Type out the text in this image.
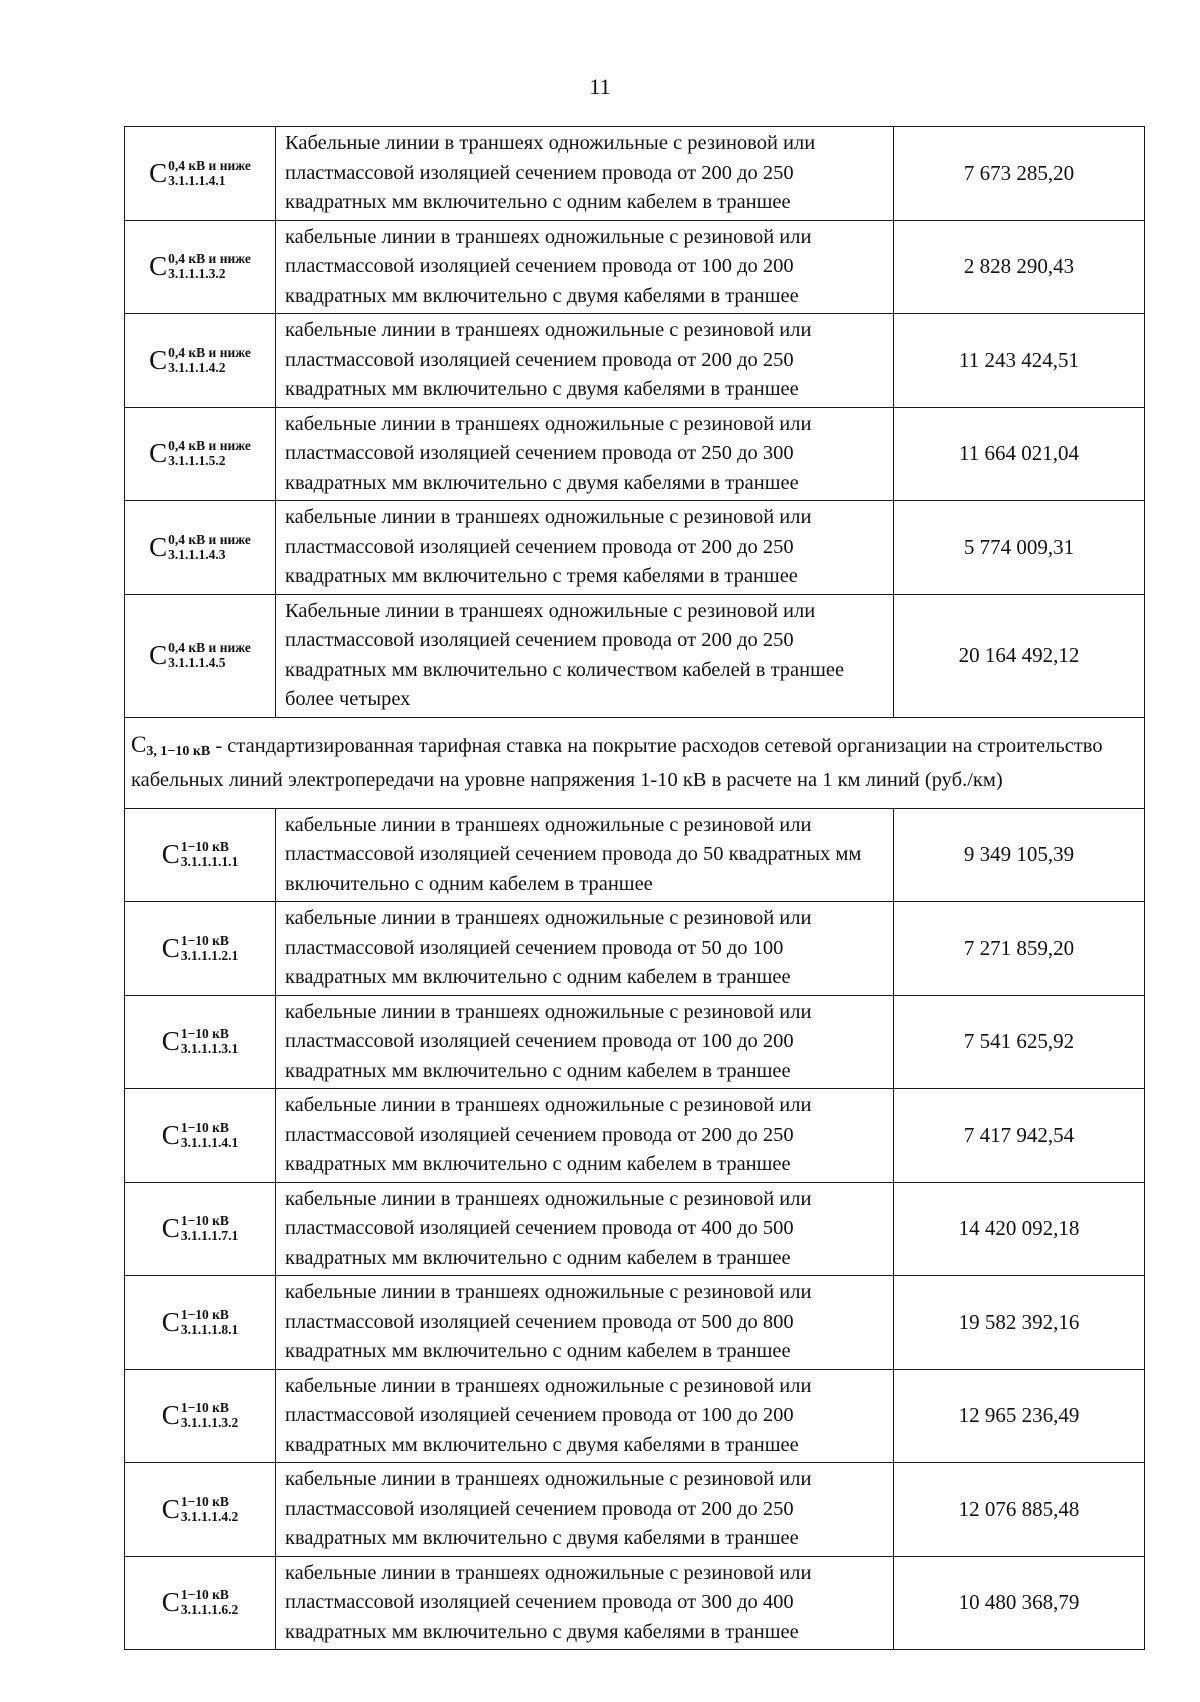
11
С 0,4 кВ и ниже
3.1.1.1.4.1	Кабельные линии в траншеях одножильные с резиновой или пластмассовой изоляцией сечением провода от 200 до 250 квадратных мм включительно с одним кабелем в траншее	7 673 285,20

С 0,4 кВ и ниже
3.1.1.1.3.2	кабельные линии в траншеях одножильные с резиновой или пластмассовой изоляцией сечением провода от 100 до 200 квадратных мм включительно с двумя кабелями в траншее	2 828 290,43

С 0,4 кВ и ниже
3.1.1.1.4.2	кабельные линии в траншеях одножильные с резиновой или пластмассовой изоляцией сечением провода от 200 до 250 квадратных мм включительно с двумя кабелями в траншее	11 243 424,51

С 0,4 кВ и ниже
3.1.1.1.5.2	кабельные линии в траншеях одножильные с резиновой или пластмассовой изоляцией сечением провода от 250 до 300 квадратных мм включительно с двумя кабелями в траншее	11 664 021,04

С 0,4 кВ и ниже
3.1.1.1.4.3	кабельные линии в траншеях одножильные с резиновой или пластмассовой изоляцией сечением провода от 200 до 250 квадратных мм включительно с тремя кабелями в траншее	5 774 009,31

С 0,4 кВ и ниже
3.1.1.1.4.5	Кабельные линии в траншеях одножильные с резиновой или пластмассовой изоляцией сечением провода от 200 до 250 квадратных мм включительно с количеством кабелей в траншее более четырех	20 164 492,12
$С_{3, 1-10 кВ}$ - стандартизированная тарифная ставка на покрытие расходов сетевой организации на строительство кабельных линий электропередачи на уровне напряжения 1-10 кВ в расчете на 1 км линий (руб./км)		

С 1−10 кВ
3.1.1.1.1.1	кабельные линии в траншеях одножильные с резиновой или пластмассовой изоляцией сечением провода до 50 квадратных мм включительно с одним кабелем в траншее	9 349 105,39

С 1−10 кВ
3.1.1.1.2.1	кабельные линии в траншеях одножильные с резиновой или пластмассовой изоляцией сечением провода от 50 до 100 квадратных мм включительно с одним кабелем в траншее	7 271 859,20

С 1−10 кВ
3.1.1.1.3.1	кабельные линии в траншеях одножильные с резиновой или пластмассовой изоляцией сечением провода от 100 до 200 квадратных мм включительно с одним кабелем в траншее	7 541 625,92

С 1−10 кВ
3.1.1.1.4.1	кабельные линии в траншеях одножильные с резиновой или пластмассовой изоляцией сечением провода от 200 до 250 квадратных мм включительно с одним кабелем в траншее	7 417 942,54

С 1−10 кВ
3.1.1.1.7.1	кабельные линии в траншеях одножильные с резиновой или пластмассовой изоляцией сечением провода от 400 до 500 квадратных мм включительно с одним кабелем в траншее	14 420 092,18

С 1−10 кВ
3.1.1.1.8.1	кабельные линии в траншеях одножильные с резиновой или пластмассовой изоляцией сечением провода от 500 до 800 квадратных мм включительно с одним кабелем в траншее	19 582 392,16

С 1−10 кВ
3.1.1.1.3.2	кабельные линии в траншеях одножильные с резиновой или пластмассовой изоляцией сечением провода от 100 до 200 квадратных мм включительно с двумя кабелями в траншее	12 965 236,49

С 1−10 кВ
3.1.1.1.4.2	кабельные линии в траншеях одножильные с резиновой или пластмассовой изоляцией сечением провода от 200 до 250 квадратных мм включительно с двумя кабелями в траншее	12 076 885,48

С 1−10 кВ
3.1.1.1.6.2	кабельные линии в траншеях одножильные с резиновой или пластмассовой изоляцией сечением провода от 300 до 400 квадратных мм включительно с двумя кабелями в траншее	10 480 368,79
